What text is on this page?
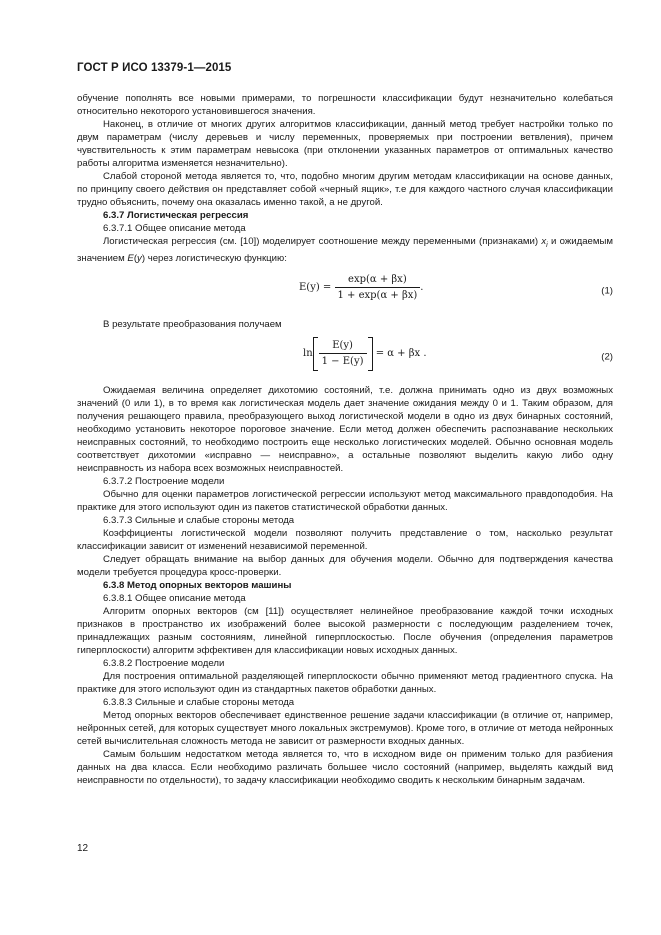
ГОСТ Р ИСО 13379-1—2015

обучение пополнять все новыми примерами, то погрешности классификации будут незначительно колебаться относительно некоторого установившегося значения.

Наконец, в отличие от многих других алгоритмов классификации, данный метод требует настройки только по двум параметрам (числу деревьев и числу переменных, проверяемых при построении ветвления), причем чувствительность к этим параметрам невысока (при отклонении указанных параметров от оптимальных качество работы алгоритма изменяется незначительно).

Слабой стороной метода является то, что, подобно многим другим методам классификации на основе данных, по принципу своего действия он представляет собой «черный ящик», т.е для каждого частного случая классификации трудно объяснить, почему она оказалась именно такой, а не другой.

6.3.7 Логистическая регрессия

6.3.7.1 Общее описание метода

Логистическая регрессия (см. [10]) моделирует соотношение между переменными (признаками) $x_i$ и ожидаемым значением E(y) через логистическую функцию:

$E(y) = \frac{\exp(\alpha + \beta x)}{1 + \exp(\alpha + \beta x)}$ .	(1)

В результате преобразования получаем

$\ln \frac{E(y)}{1 - E(y)} = \alpha + \beta x$ .	(2)

Ожидаемая величина определяет дихотомию состояний, т.е. должна принимать одно из двух возможных значений (0 или 1), в то время как логистическая модель дает значение ожидания между 0 и 1. Таким образом, для получения решающего правила, преобразующего выход логистической модели в одно из двух бинарных состояний, необходимо установить некоторое пороговое значение. Если метод должен обеспечить распознавание нескольких неисправных состояний, то необходимо построить еще несколько логистических моделей. Обычно основная модель соответствует дихотомии «исправно — неисправно», а остальные позволяют выделить какую либо одну неисправность из набора всех возможных неисправностей.

6.3.7.2 Построение модели

Обычно для оценки параметров логистической регрессии используют метод максимального правдоподобия. На практике для этого используют один из пакетов статистической обработки данных.

6.3.7.3 Сильные и слабые стороны метода

Коэффициенты логистической модели позволяют получить представление о том, насколько результат классификации зависит от изменений независимой переменной.

Следует обращать внимание на выбор данных для обучения модели. Обычно для подтверждения качества модели требуется процедура кросс-проверки.

6.3.8 Метод опорных векторов машины

6.3.8.1 Общее описание метода

Алгоритм опорных векторов (см [11]) осуществляет нелинейное преобразование каждой точки исходных признаков в пространство их изображений более высокой размерности с последующим разделением точек, принадлежащих разным состояниям, линейной гиперплоскостью. После обучения (определения параметров гиперплоскости) алгоритм эффективен для классификации новых исходных данных.

6.3.8.2 Построение модели

Для построения оптимальной разделяющей гиперплоскости обычно применяют метод градиентного спуска. На практике для этого используют один из стандартных пакетов обработки данных.

6.3.8.3 Сильные и слабые стороны метода

Метод опорных векторов обеспечивает единственное решение задачи классификации (в отличие от, например, нейронных сетей, для которых существует много локальных экстремумов). Кроме того, в отличие от метода нейронных сетей вычислительная сложность метода не зависит от размерности входных данных.

Самым большим недостатком метода является то, что в исходном виде он применим только для разбиения данных на два класса. Если необходимо различать большее число состояний (например, выделять каждый вид неисправности по отдельности), то задачу классификации необходимо сводить к нескольким бинарным задачам.

12
